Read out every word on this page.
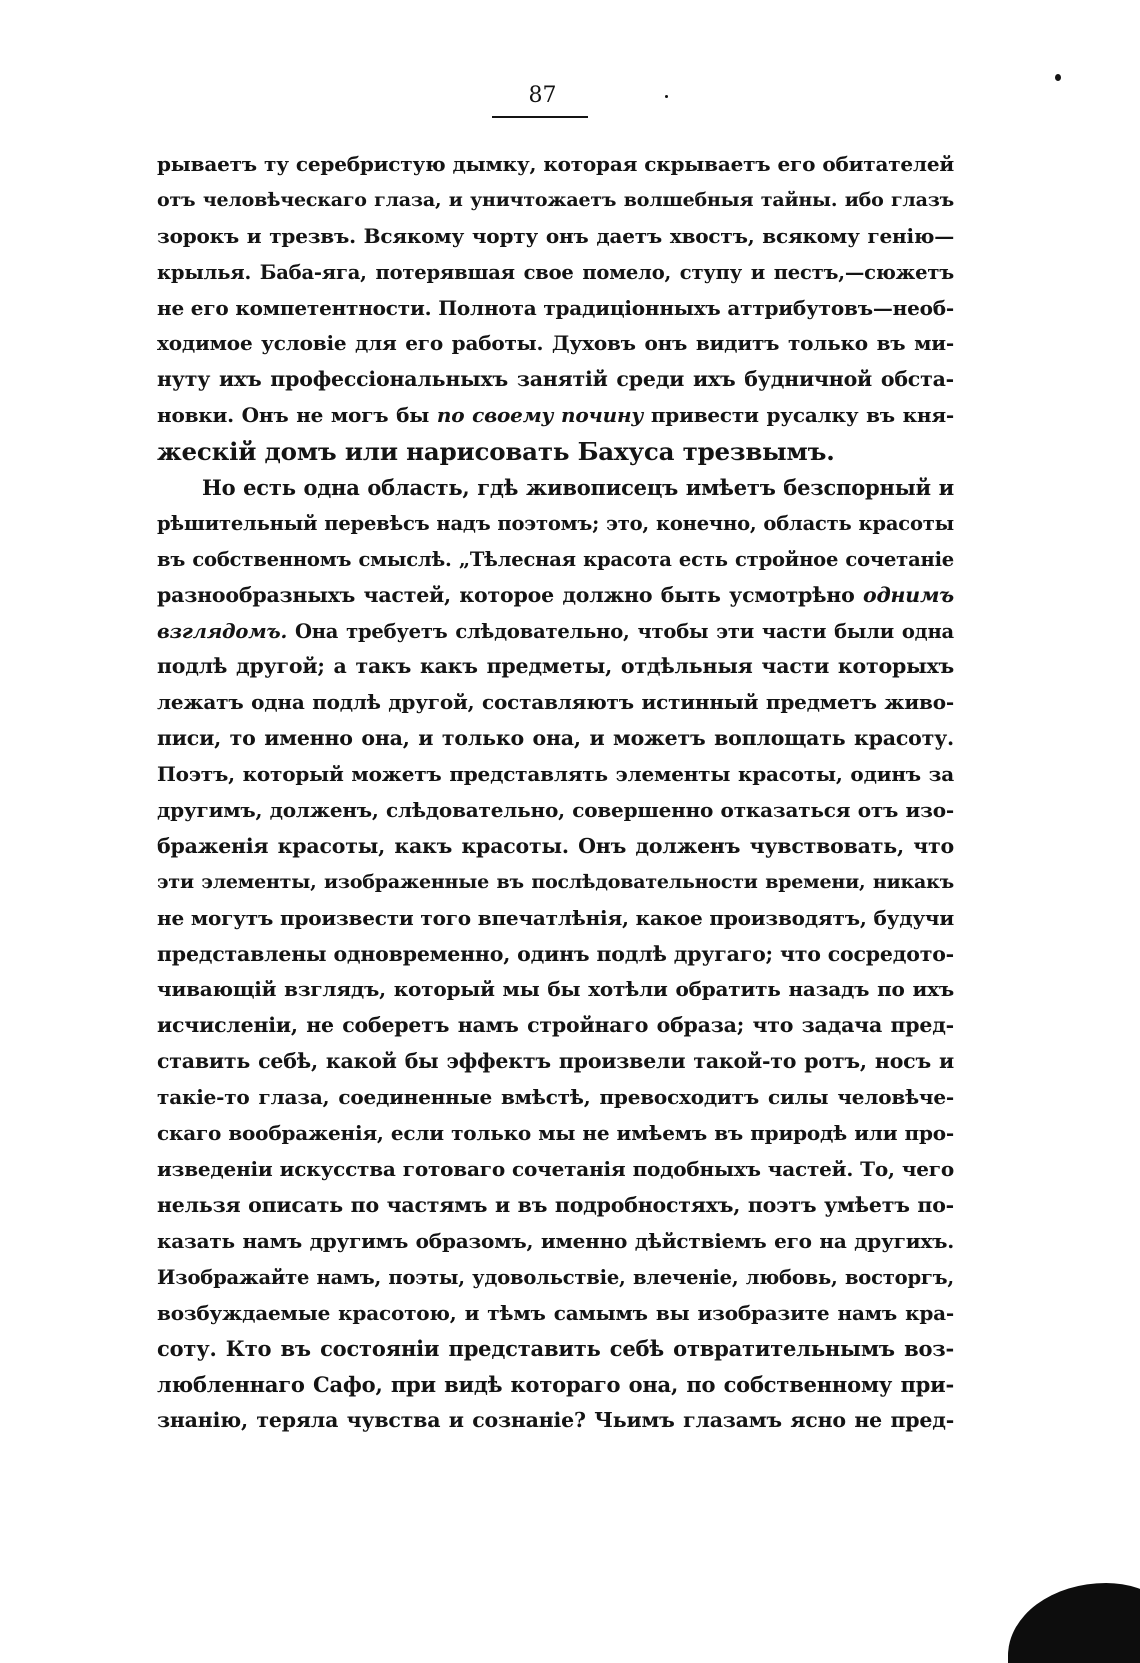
87
рываетъ ту серебристую дымку, которая скрываетъ его обитателей
отъ человѣческаго глаза, и уничтожаетъ волшебныя тайны. ибо глазъ
зорокъ и трезвъ. Всякому чорту онъ даетъ хвостъ, всякому генію—
крылья. Баба-яга, потерявшая свое помело, ступу и пестъ,—сюжетъ
не его компетентности. Полнота традиціонныхъ аттрибутовъ—необ-
ходимое условіе для его работы. Духовъ онъ видитъ только въ ми-
нуту ихъ профессіональныхъ занятій среди ихъ будничной обста-
новки. Онъ не могъ бы по своему почину привести русалку въ кня-
жескій домъ или нарисовать Бахуса трезвымъ.
Но есть одна область, гдѣ живописецъ имѣетъ безспорный и
рѣшительный перевѣсъ надъ поэтомъ; это, конечно, область красоты
въ собственномъ смыслѣ. „Тѣлесная красота есть стройное сочетаніе
разнообразныхъ частей, которое должно быть усмотрѣно однимъ
взглядомъ. Она требуетъ слѣдовательно, чтобы эти части были одна
подлѣ другой; а такъ какъ предметы, отдѣльныя части которыхъ
лежатъ одна подлѣ другой, составляютъ истинный предметъ живо-
писи, то именно она, и только она, и можетъ воплощать красоту.
Поэтъ, который можетъ представлять элементы красоты, одинъ за
другимъ, долженъ, слѣдовательно, совершенно отказаться отъ изо-
браженія красоты, какъ красоты. Онъ долженъ чувствовать, что
эти элементы, изображенные въ послѣдовательности времени, никакъ
не могутъ произвести того впечатлѣнія, какое производятъ, будучи
представлены одновременно, одинъ подлѣ другаго; что сосредото-
чивающій взглядъ, который мы бы хотѣли обратить назадъ по ихъ
исчисленіи, не соберетъ намъ стройнаго образа; что задача пред-
ставить себѣ, какой бы эффектъ произвели такой-то ротъ, носъ и
такіе-то глаза, соединенные вмѣстѣ, превосходитъ силы человѣче-
скаго воображенія, если только мы не имѣемъ въ природѣ или про-
изведеніи искусства готоваго сочетанія подобныхъ частей. То, чего
нельзя описать по частямъ и въ подробностяхъ, поэтъ умѣетъ по-
казать намъ другимъ образомъ, именно дѣйствіемъ его на другихъ.
Изображайте намъ, поэты, удовольствіе, влеченіе, любовь, восторгъ,
возбуждаемые красотою, и тѣмъ самымъ вы изобразите намъ кра-
соту. Кто въ состояніи представить себѣ отвратительнымъ воз-
любленнаго Сафо, при видѣ котораго она, по собственному при-
знанію, теряла чувства и сознаніе? Чьимъ глазамъ ясно не пред-
